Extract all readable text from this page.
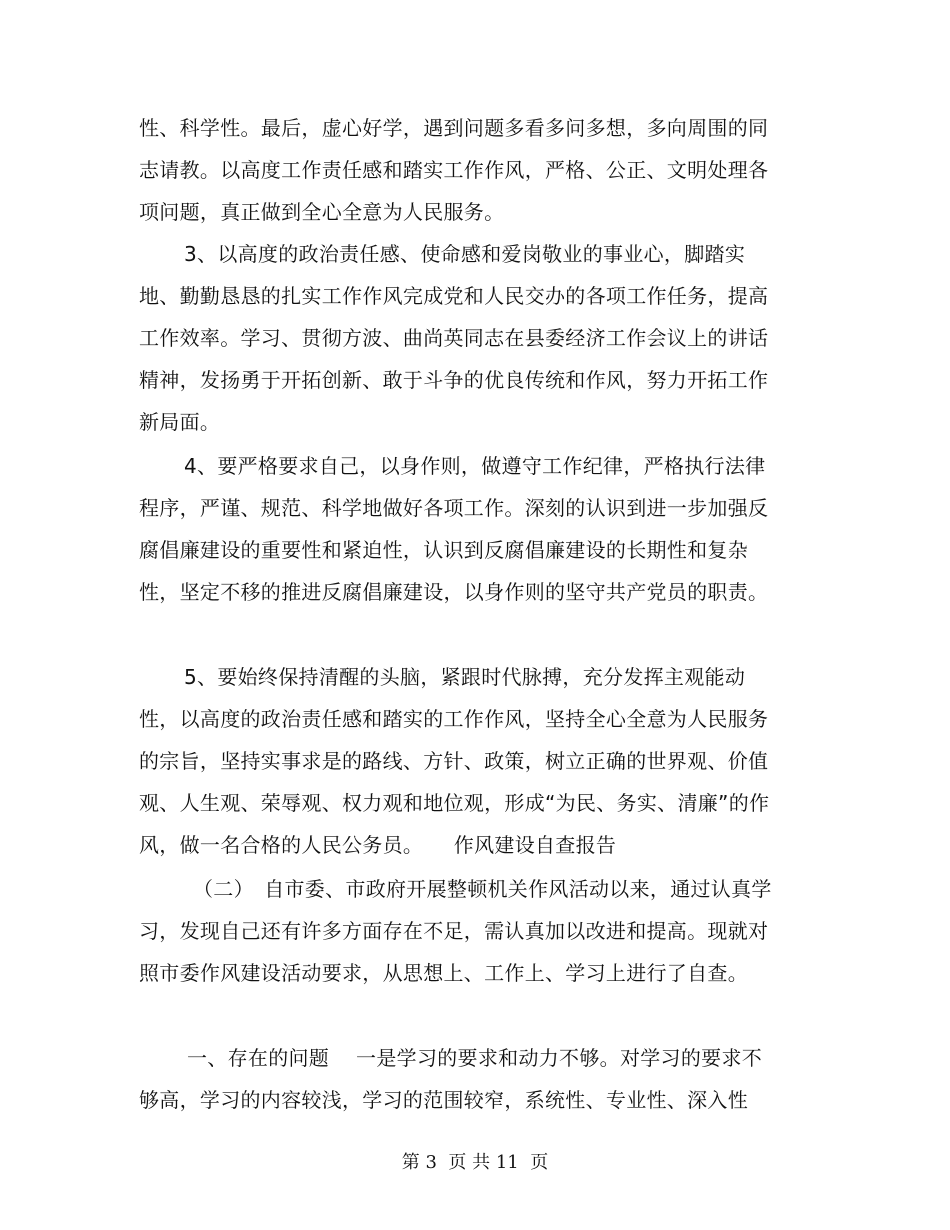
性、科学性。最后，虚心好学，遇到问题多看多问多想，多向周围的同志请教。以高度工作责任感和踏实工作作风，严格、公正、文明处理各项问题，真正做到全心全意为人民服务。

3、以高度的政治责任感、使命感和爱岗敬业的事业心，脚踏实地、勤勤恳恳的扎实工作作风完成党和人民交办的各项工作任务，提高工作效率。学习、贯彻方波、曲尚英同志在县委经济工作会议上的讲话精神，发扬勇于开拓创新、敢于斗争的优良传统和作风，努力开拓工作新局面。

4、要严格要求自己，以身作则，做遵守工作纪律，严格执行法律程序，严谨、规范、科学地做好各项工作。深刻的认识到进一步加强反腐倡廉建设的重要性和紧迫性，认识到反腐倡廉建设的长期性和复杂性，坚定不移的推进反腐倡廉建设，以身作则的坚守共产党员的职责。

5、要始终保持清醒的头脑，紧跟时代脉搏，充分发挥主观能动性，以高度的政治责任感和踏实的工作作风，坚持全心全意为人民服务的宗旨，坚持实事求是的路线、方针、政策，树立正确的世界观、价值观、人生观、荣辱观、权力观和地位观，形成“为民、务实、清廉”的作风，做一名合格的人民公务员。　　作风建设自查报告

（二）　自市委、市政府开展整顿机关作风活动以来，通过认真学习，发现自己还有许多方面存在不足，需认真加以改进和提高。现就对照市委作风建设活动要求，从思想上、工作上、学习上进行了自查。

一、存在的问题　 一是学习的要求和动力不够。对学习的要求不够高，学习的内容较浅，学习的范围较窄，系统性、专业性、深入性

第 3  页 共 11  页
